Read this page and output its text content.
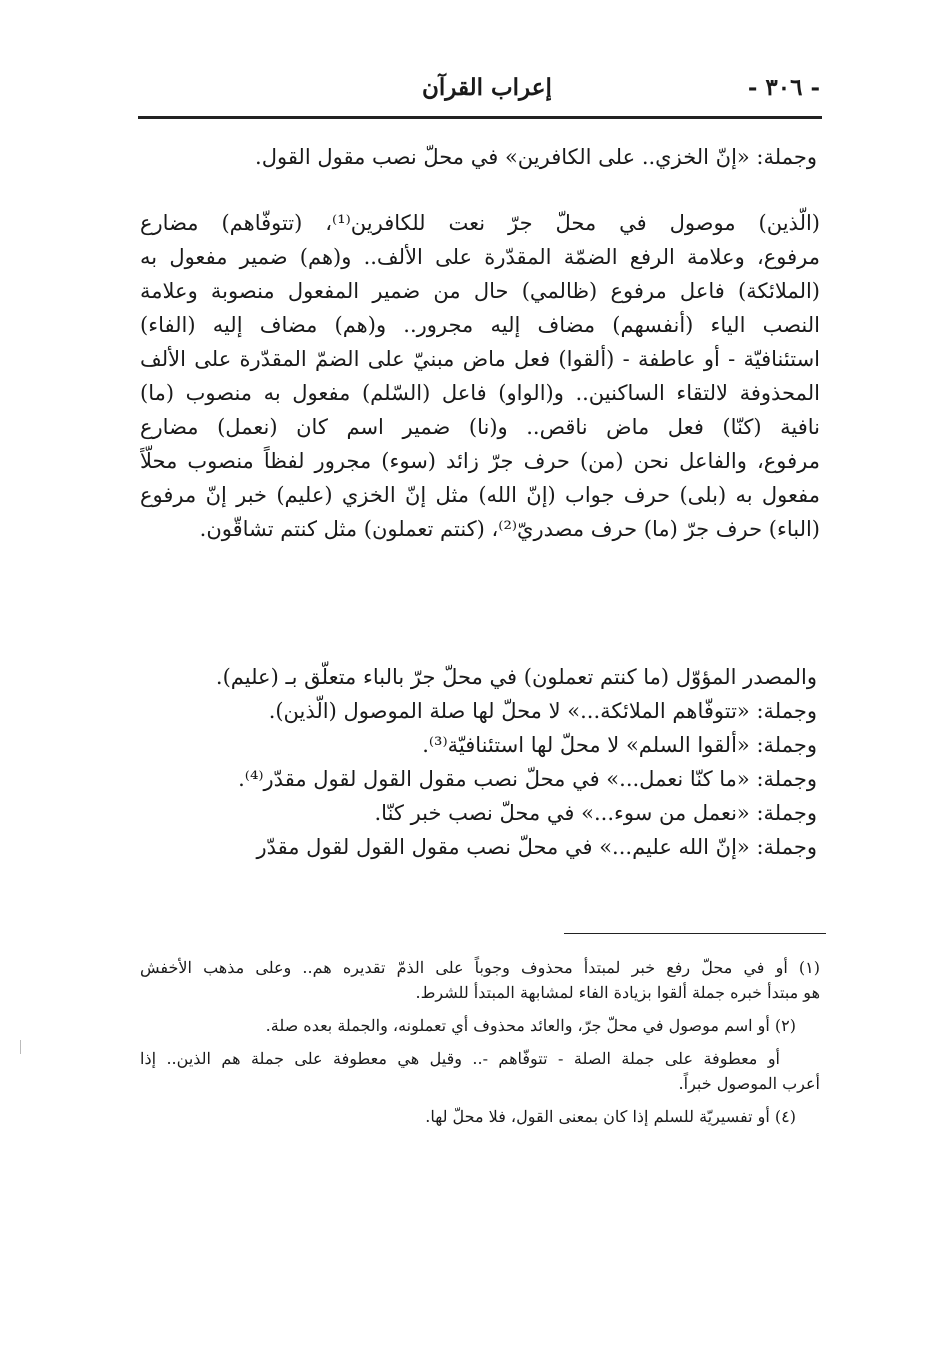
- ٣٠٦ -
إعراب القرآن
وجملة: «إنّ الخزي.. على الكافرين» في محلّ نصب مقول القول.
(الّذين) موصول في محلّ جرّ نعت للكافرين⁽¹⁾، (تتوفّاهم) مضارع
مرفوع، وعلامة الرفع الضمّة المقدّرة على الألف.. و(هم) ضمير مفعول به
(الملائكة) فاعل مرفوع (ظالمي) حال من ضمير المفعول منصوبة وعلامة
النصب الياء (أنفسهم) مضاف إليه مجرور.. و(هم) مضاف إليه (الفاء)
استئنافيّة - أو عاطفة - (ألقوا) فعل ماض مبنيّ على الضمّ المقدّرة على الألف
المحذوفة لالتقاء الساكنين.. و(الواو) فاعل (السّلم) مفعول به منصوب (ما)
نافية (كنّا) فعل ماض ناقص.. و(نا) ضمير اسم كان (نعمل) مضارع
مرفوع، والفاعل نحن (من) حرف جرّ زائد (سوء) مجرور لفظاً منصوب محلّاً
مفعول به (بلى) حرف جواب (إنّ الله) مثل إنّ الخزي (عليم) خبر إنّ مرفوع
(الباء) حرف جرّ (ما) حرف مصدريّ⁽²⁾، (كنتم تعملون) مثل كنتم تشاقّون.
والمصدر المؤوّل (ما كنتم تعملون) في محلّ جرّ بالباء متعلّق بـ (عليم).
وجملة: «تتوفّاهم الملائكة...» لا محلّ لها صلة الموصول (الّذين).
وجملة: «ألقوا السلم» لا محلّ لها استئنافيّة⁽³⁾.
وجملة: «ما كنّا نعمل...» في محلّ نصب مقول القول لقول مقدّر⁽⁴⁾.
وجملة: «نعمل من سوء...» في محلّ نصب خبر كنّا.
وجملة: «إنّ الله عليم...» في محلّ نصب مقول القول لقول مقدّر
(١) أو في محلّ رفع خبر لمبتدأ محذوف وجوباً على الذمّ تقديره هم.. وعلى مذهب الأخفش
هو مبتدأ خبره جملة ألقوا بزيادة الفاء لمشابهة المبتدأ للشرط.
(٢) أو اسم موصول في محلّ جرّ، والعائد محذوف أي تعملونه، والجملة بعده صلة.
أو معطوفة على جملة الصلة - تتوفّاهم -.. وقيل هي معطوفة على جملة هم الذين.. إذا
أعرب الموصول خبراً.
(٤) أو تفسيريّة للسلم إذا كان بمعنى القول، فلا محلّ لها.
